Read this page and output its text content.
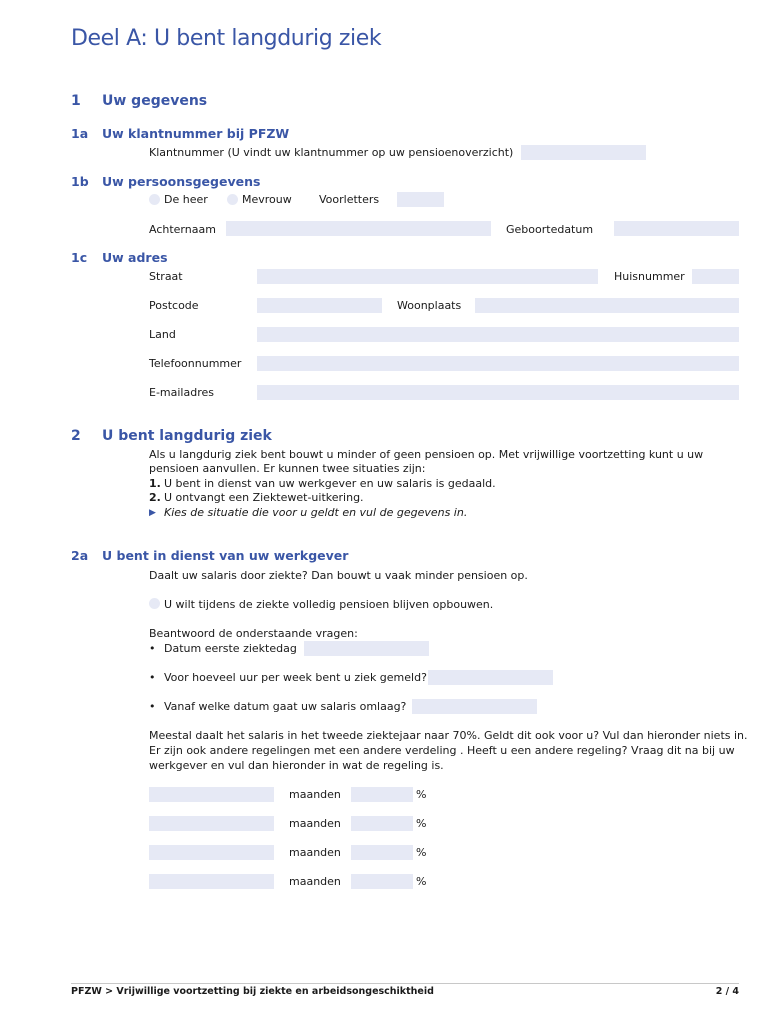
Deel A: U bent langdurig ziek
1 Uw gegevens
1a Uw klantnummer bij PFZW
Klantnummer (U vindt uw klantnummer op uw pensioenoverzicht)
1b Uw persoonsgegevens
De heer	Mevrouw Voorletters
Achternaam	Geboortedatum
1c Uw adres
Straat	Huisnummer
Postcode	Woonplaats
Land
Telefoonnummer
E-mailadres
2 U bent langdurig ziek
Als u langdurig ziek bent bouwt u minder of geen pensioen op. Met vrijwillige voortzetting kunt u uw
pensioen aanvullen. Er kunnen twee situaties zijn:
1. U bent in dienst van uw werkgever en uw salaris is gedaald.
2. U ontvangt een Ziektewet-uitkering.
▶ Kies de situatie die voor u geldt en vul de gegevens in.
2a U bent in dienst van uw werkgever
Daalt uw salaris door ziekte? Dan bouwt u vaak minder pensioen op.
U wilt tijdens de ziekte volledig pensioen blijven opbouwen.
Beantwoord de onderstaande vragen:
• Datum eerste ziektedag
• Voor hoeveel uur per week bent u ziek gemeld?
• Vanaf welke datum gaat uw salaris omlaag?
Meestal daalt het salaris in het tweede ziektejaar naar 70%. Geldt dit ook voor u? Vul dan hieronder niets in.
Er zijn ook andere regelingen met een andere verdeling . Heeft u een andere regeling? Vraag dit na bij uw
werkgever en vul dan hieronder in wat de regeling is.
maanden	%
maanden	%
maanden	%
maanden	%
PFZW > Vrijwillige voortzetting bij ziekte en arbeidsongeschiktheid	2 / 4
